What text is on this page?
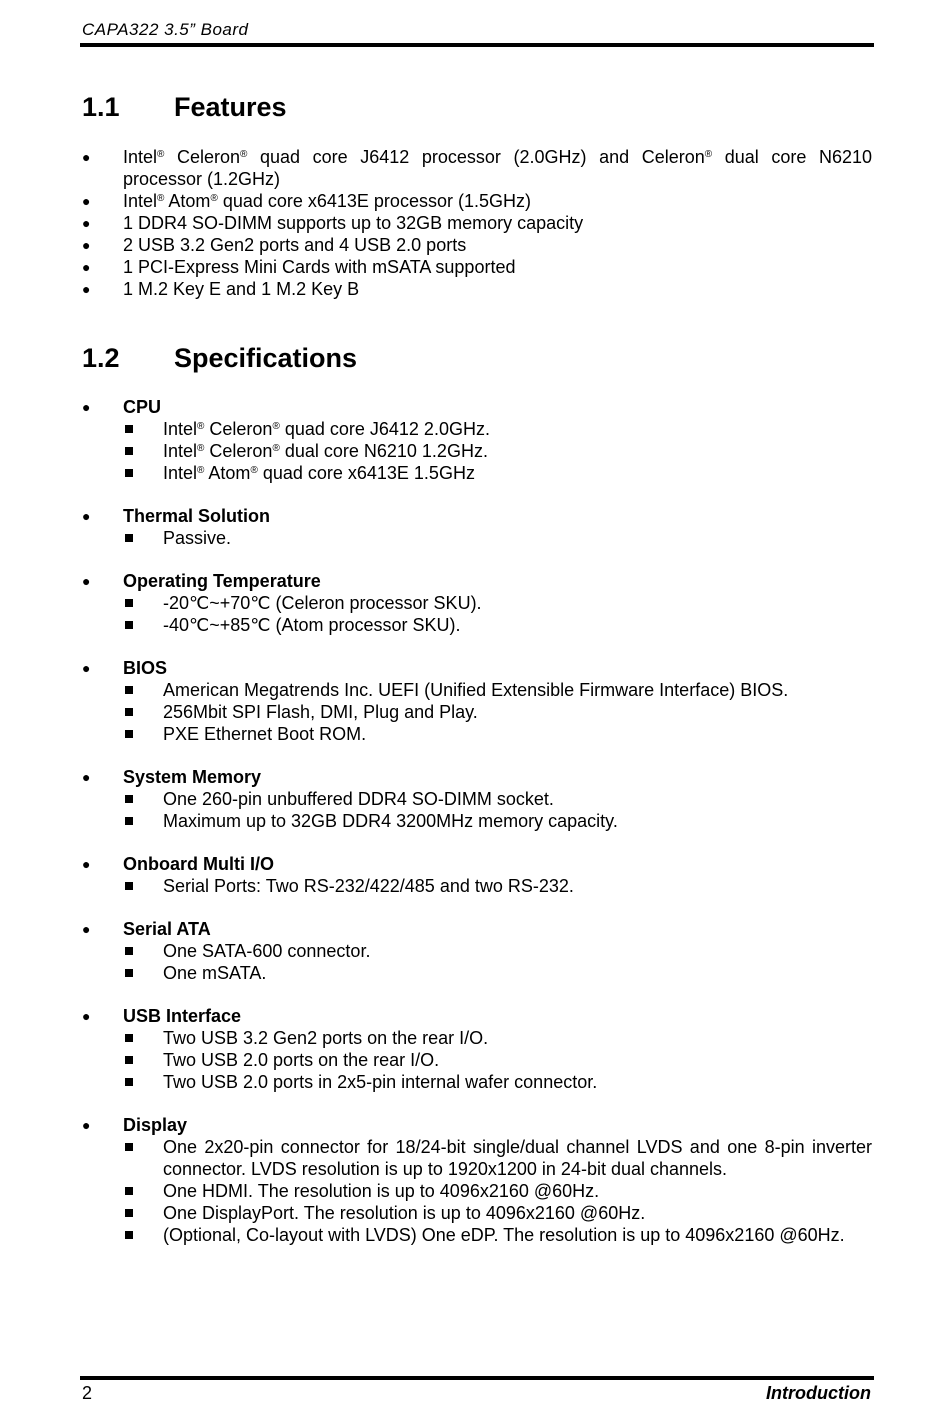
CAPA322 3.5” Board
1.1 Features
● Intel® Celeron® quad core J6412 processor (2.0GHz) and Celeron® dual core N6210 processor (1.2GHz)
● Intel® Atom® quad core x6413E processor (1.5GHz)
● 1 DDR4 SO-DIMM supports up to 32GB memory capacity
● 2 USB 3.2 Gen2 ports and 4 USB 2.0 ports
● 1 PCI-Express Mini Cards with mSATA supported
● 1 M.2 Key E and 1 M.2 Key B
1.2 Specifications
● CPU
Intel® Celeron® quad core J6412 2.0GHz.
Intel® Celeron® dual core N6210 1.2GHz.
Intel® Atom® quad core x6413E 1.5GHz
● Thermal Solution
Passive.
● Operating Temperature
-20℃~+70℃ (Celeron processor SKU).
-40℃~+85℃ (Atom processor SKU).
● BIOS
American Megatrends Inc. UEFI (Unified Extensible Firmware Interface) BIOS.
256Mbit SPI Flash, DMI, Plug and Play.
PXE Ethernet Boot ROM.
● System Memory
One 260-pin unbuffered DDR4 SO-DIMM socket.
Maximum up to 32GB DDR4 3200MHz memory capacity.
● Onboard Multi I/O
Serial Ports: Two RS-232/422/485 and two RS-232.
● Serial ATA
One SATA-600 connector.
One mSATA.
● USB Interface
Two USB 3.2 Gen2 ports on the rear I/O.
Two USB 2.0 ports on the rear I/O.
Two USB 2.0 ports in 2x5-pin internal wafer connector.
● Display
One 2x20-pin connector for 18/24-bit single/dual channel LVDS and one 8-pin inverter connector. LVDS resolution is up to 1920x1200 in 24-bit dual channels.
One HDMI. The resolution is up to 4096x2160 @60Hz.
One DisplayPort. The resolution is up to 4096x2160 @60Hz.
(Optional, Co-layout with LVDS) One eDP. The resolution is up to 4096x2160 @60Hz.
2	Introduction
